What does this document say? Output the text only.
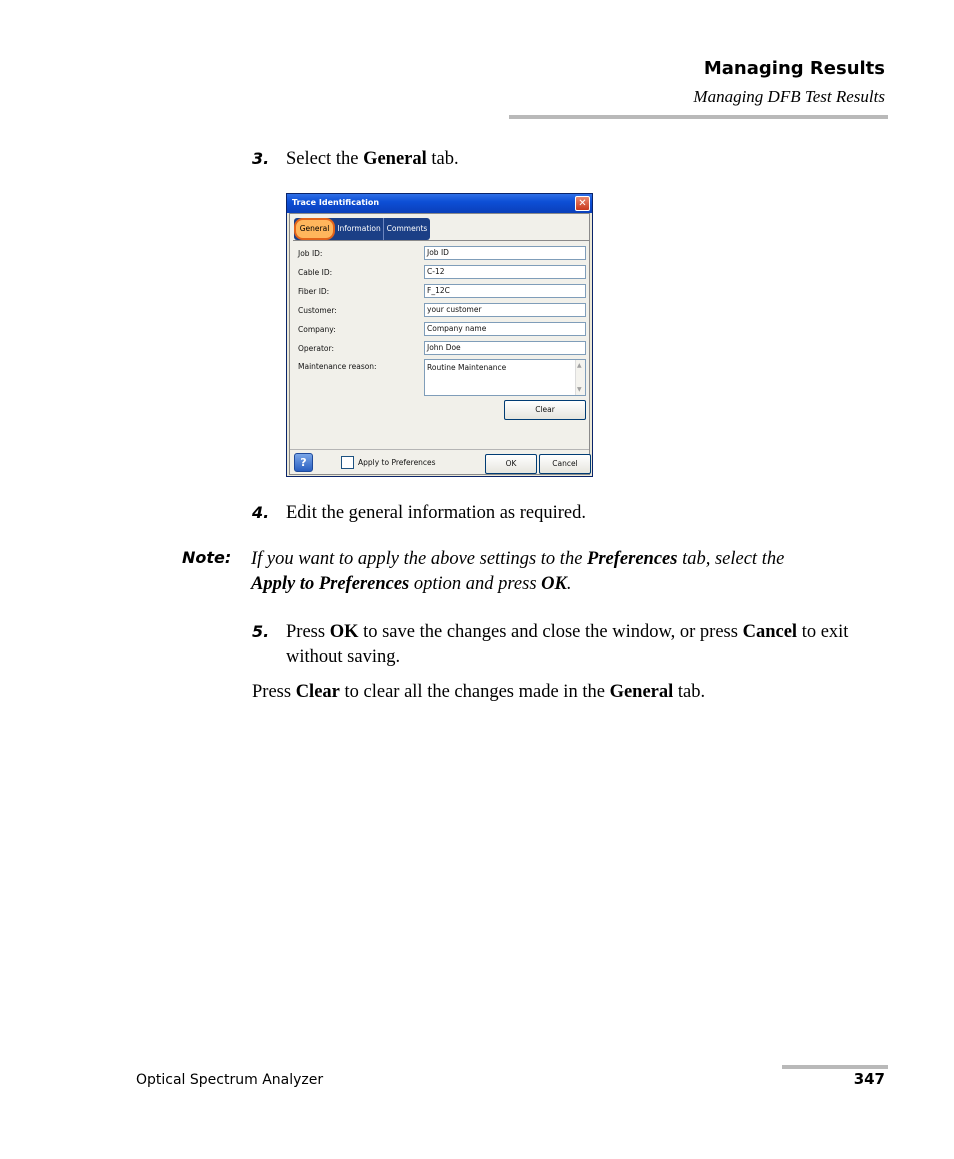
Managing Results
Managing DFB Test Results
3. Select the General tab.
Trace Identification	✕
General	Information Comments
Job ID:	Job ID
Cable ID:	C-12
Fiber ID:	F_12C
Customer:	your customer
Company:	Company name
Operator:	John Doe
Maintenance reason:	Routine Maintenance	▲
▼
Clear
?	Apply to Preferences	OK	Cancel
4. Edit the general information as required.
Note: If you want to apply the above settings to the Preferences tab, select the
Apply to Preferences option and press OK.
5. Press OK to save the changes and close the window, or press Cancel to exit without saving.
Press Clear to clear all the changes made in the General tab.
Optical Spectrum Analyzer	347
